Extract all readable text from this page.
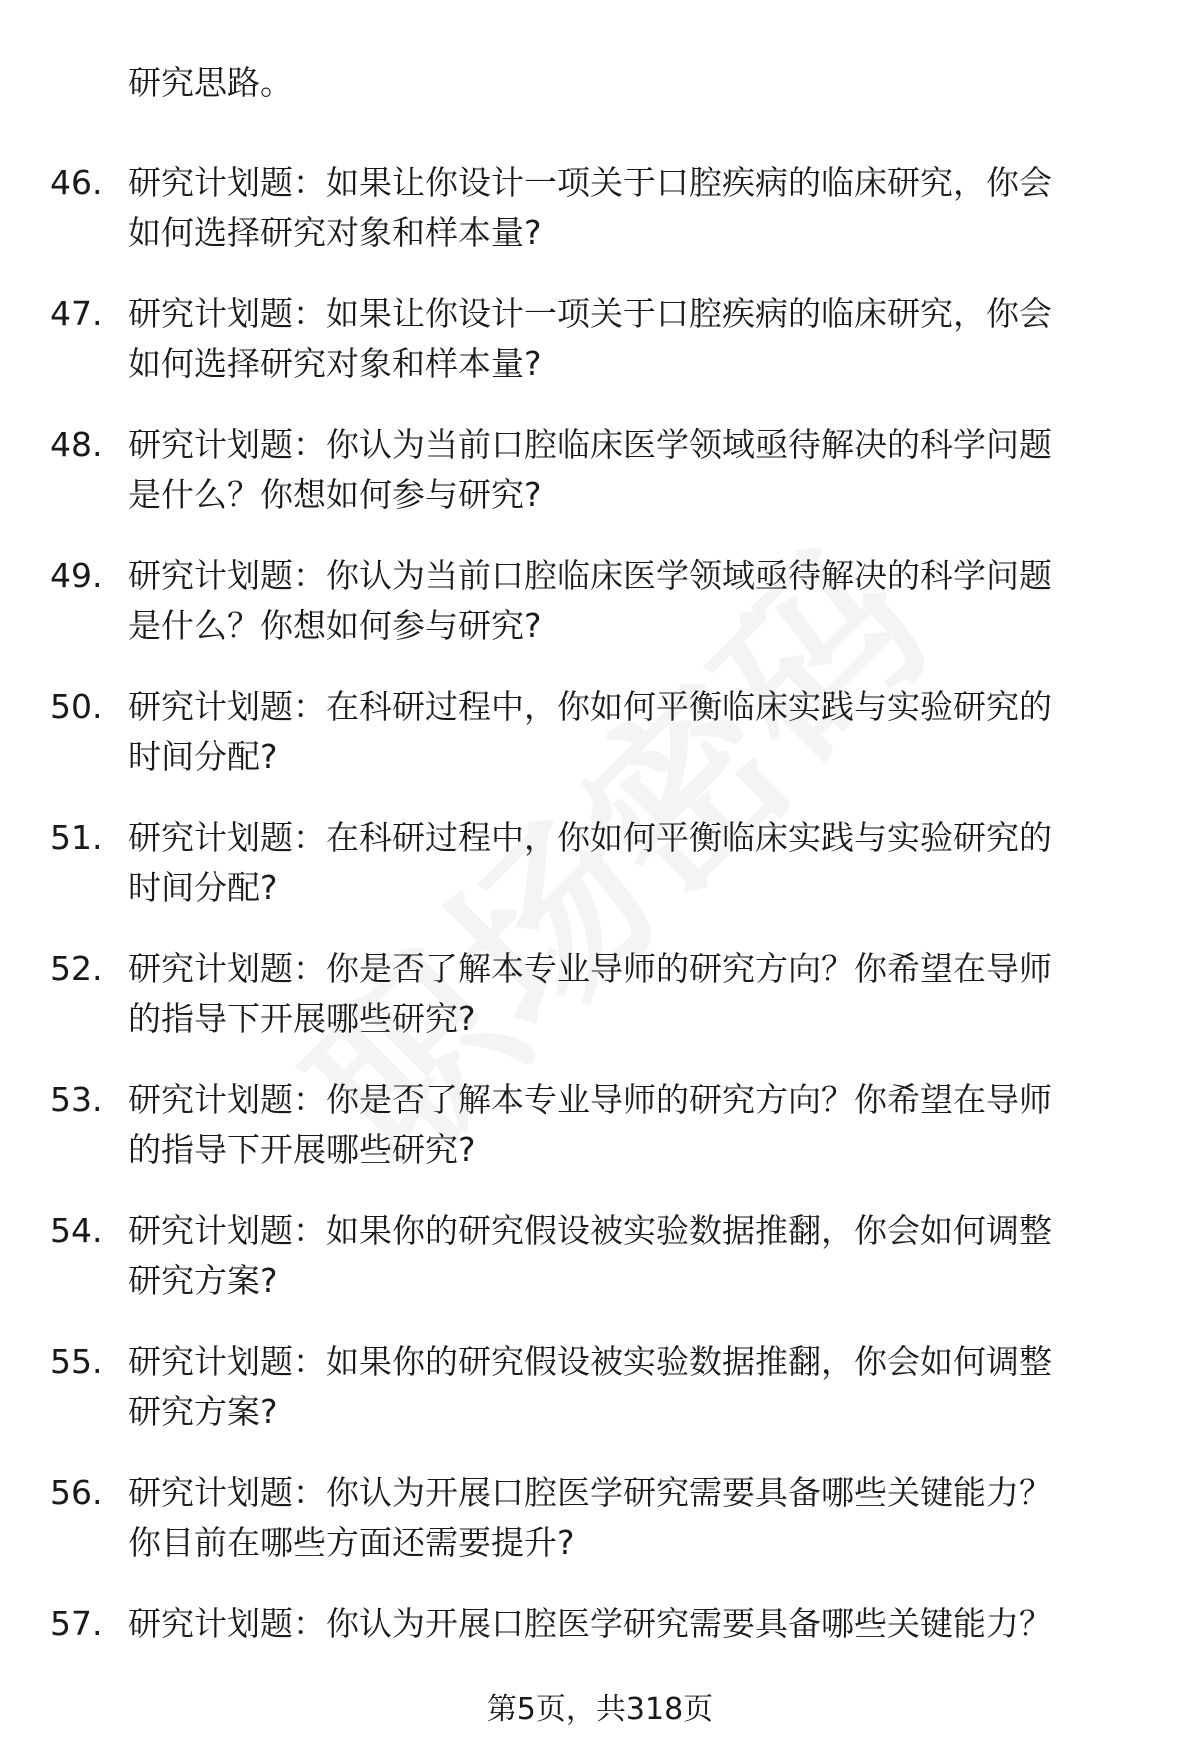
研究思路。
46. 研究计划题：如果让你设计一项关于口腔疾病的临床研究，你会
如何选择研究对象和样本量?
47. 研究计划题：如果让你设计一项关于口腔疾病的临床研究，你会
如何选择研究对象和样本量?
48. 研究计划题：你认为当前口腔临床医学领域亟待解决的科学问题
是什么？你想如何参与研究?
49. 研究计划题：你认为当前口腔临床医学领域亟待解决的科学问题
是什么？你想如何参与研究?
50. 研究计划题：在科研过程中，你如何平衡临床实践与实验研究的
时间分配?
51. 研究计划题：在科研过程中，你如何平衡临床实践与实验研究的
时间分配?
52. 研究计划题：你是否了解本专业导师的研究方向？你希望在导师
的指导下开展哪些研究?
53. 研究计划题：你是否了解本专业导师的研究方向？你希望在导师
的指导下开展哪些研究?
54. 研究计划题：如果你的研究假设被实验数据推翻，你会如何调整
研究方案?
55. 研究计划题：如果你的研究假设被实验数据推翻，你会如何调整
研究方案?
56. 研究计划题：你认为开展口腔医学研究需要具备哪些关键能力？
你目前在哪些方面还需要提升?
57. 研究计划题：你认为开展口腔医学研究需要具备哪些关键能力？
第5页，共318页
